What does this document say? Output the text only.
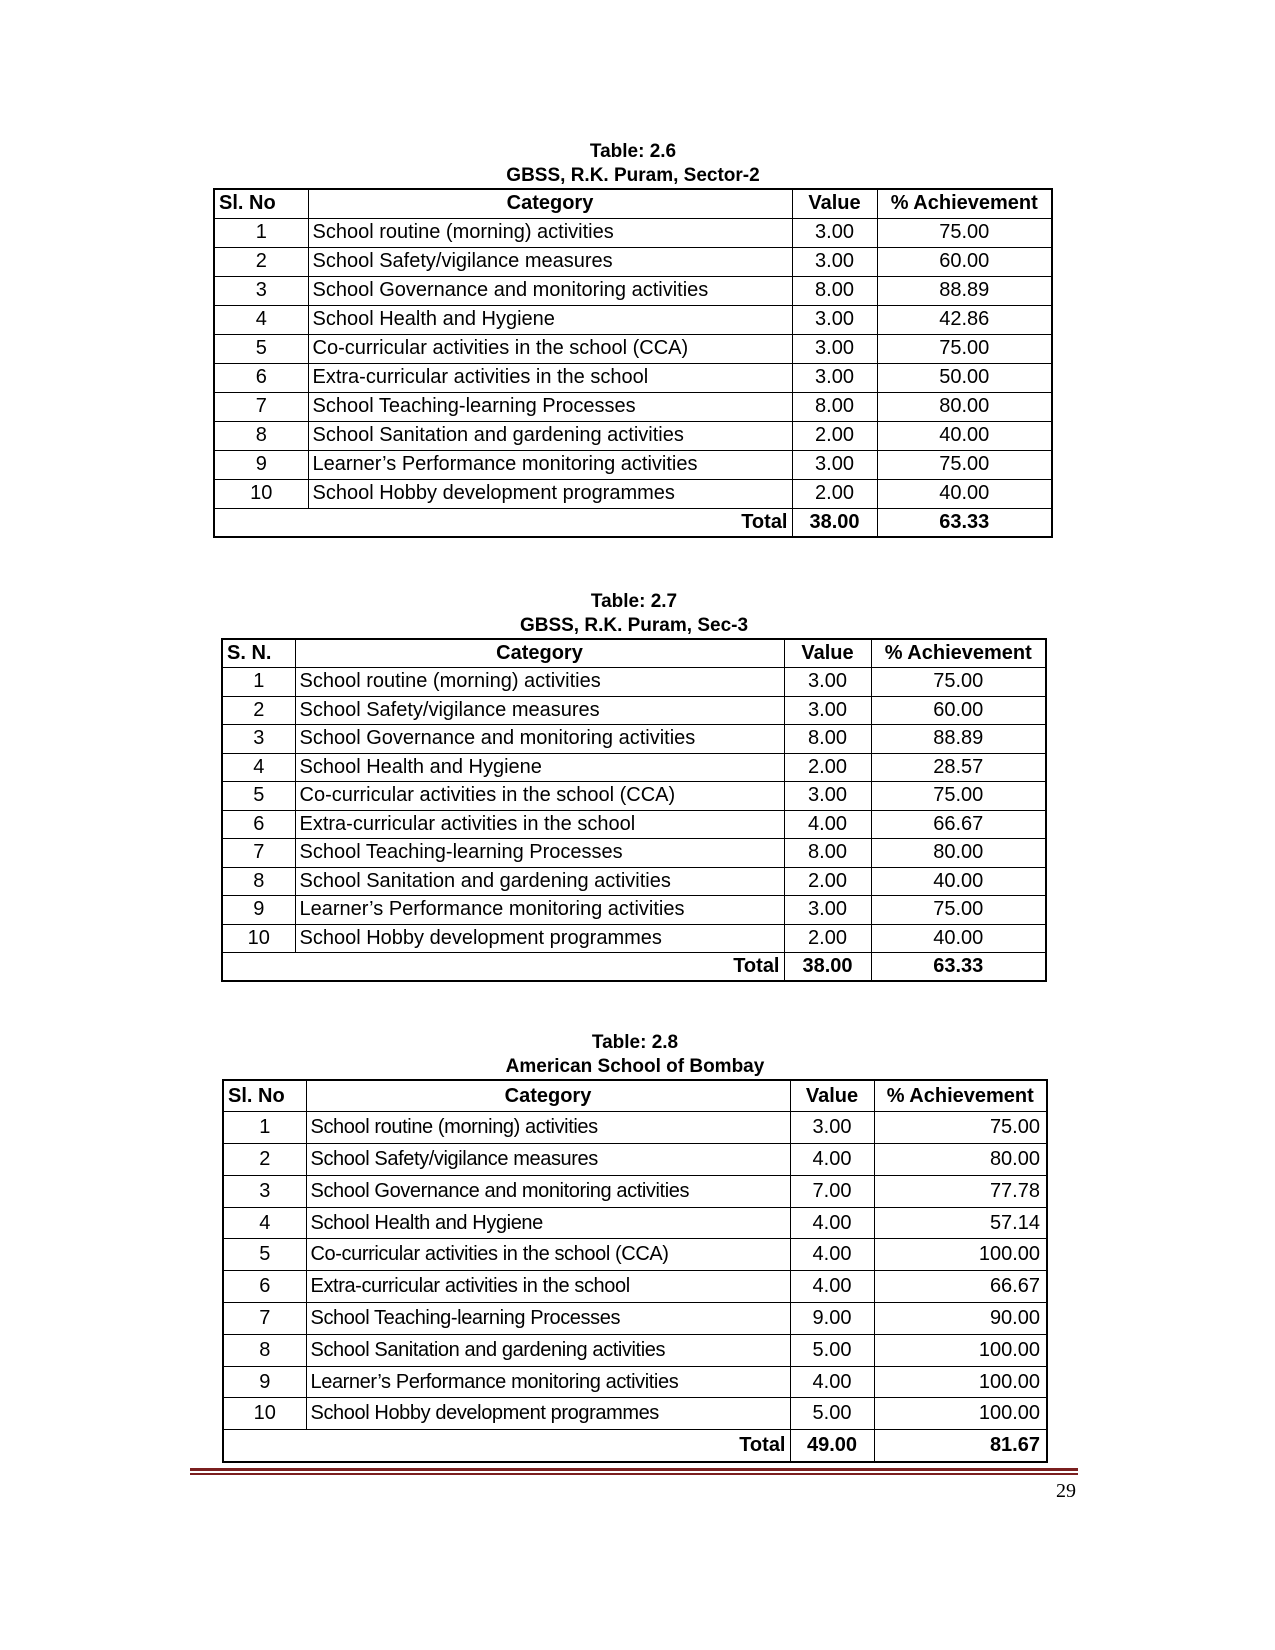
Table: 2.6
GBSS, R.K. Puram, Sector-2
Sl. No	Category	Value	% Achievement
1	School routine (morning) activities	3.00	75.00
2	School Safety/vigilance measures	3.00	60.00
3	School Governance and monitoring activities	8.00	88.89
4	School Health and Hygiene	3.00	42.86
5	Co-curricular activities in the school (CCA)	3.00	75.00
6	Extra-curricular activities in the school	3.00	50.00
7	School Teaching-learning Processes	8.00	80.00
8	School Sanitation and gardening activities	2.00	40.00
9	Learner’s Performance monitoring activities	3.00	75.00
10	School Hobby development programmes	2.00	40.00
Total		38.00	63.33
Table: 2.7
GBSS, R.K. Puram, Sec-3
S. N.	Category	Value	% Achievement
1	School routine (morning) activities	3.00	75.00
2	School Safety/vigilance measures	3.00	60.00
3	School Governance and monitoring activities	8.00	88.89
4	School Health and Hygiene	2.00	28.57
5	Co-curricular activities in the school (CCA)	3.00	75.00
6	Extra-curricular activities in the school	4.00	66.67
7	School Teaching-learning Processes	8.00	80.00
8	School Sanitation and gardening activities	2.00	40.00
9	Learner’s Performance monitoring activities	3.00	75.00
10	School Hobby development programmes	2.00	40.00
Total		38.00	63.33
Table: 2.8
American School of Bombay
Sl. No	Category	Value	% Achievement
1	School routine (morning) activities	3.00	75.00
2	School Safety/vigilance measures	4.00	80.00
3	School Governance and monitoring activities	7.00	77.78
4	School Health and Hygiene	4.00	57.14
5	Co-curricular activities in the school (CCA)	4.00	100.00
6	Extra-curricular activities in the school	4.00	66.67
7	School Teaching-learning Processes	9.00	90.00
8	School Sanitation and gardening activities	5.00	100.00
9	Learner’s Performance monitoring activities	4.00	100.00
10	School Hobby development programmes	5.00	100.00
Total		49.00	81.67
29
